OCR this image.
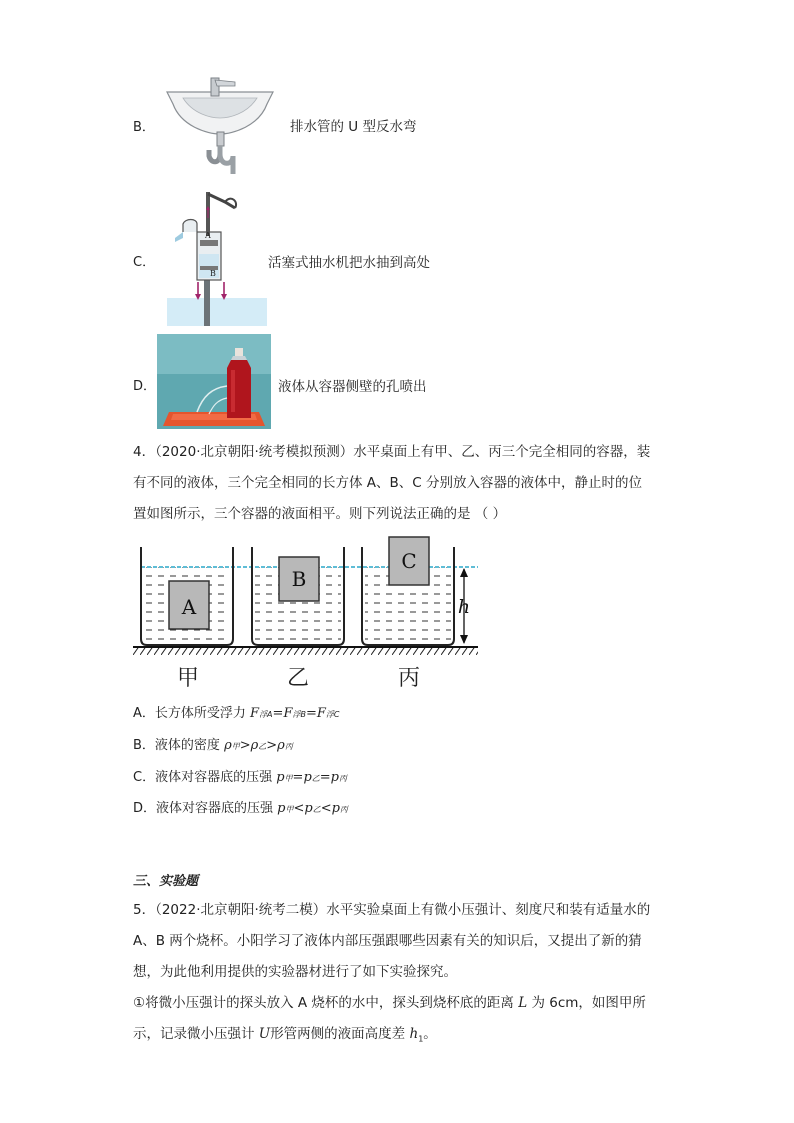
B．	排水管的 U 型反水弯
C．
A
B
活塞式抽水机把水抽到高处
D．	液体从容器侧壁的孔喷出
4．（2020·北京朝阳·统考模拟预测）水平桌面上有甲、乙、丙三个完全相同的容器，装
有不同的液体，三个完全相同的长方体 A、B、C 分别放入容器的液体中，静止时的位
置如图所示，三个容器的液面相平。则下列说法正确的是 （ ）
A
B
C
h
甲	乙	丙
A．长方体所受浮力 F浮A=F浮B=F浮C
B．液体的密度 ρ甲>ρ乙>ρ丙
C．液体对容器底的压强 p甲=p乙=p丙
D．液体对容器底的压强 p甲<p乙<p丙
三、实验题
5．（2022·北京朝阳·统考二模）水平实验桌面上有微小压强计、刻度尺和装有适量水的
A、B 两个烧杯。小阳学习了液体内部压强跟哪些因素有关的知识后，又提出了新的猜
想，为此他利用提供的实验器材进行了如下实验探究。
①将微小压强计的探头放入 A 烧杯的水中，探头到烧杯底的距离 L 为 6cm，如图甲所
示，记录微小压强计 U形管两侧的液面高度差 $h_1$。
